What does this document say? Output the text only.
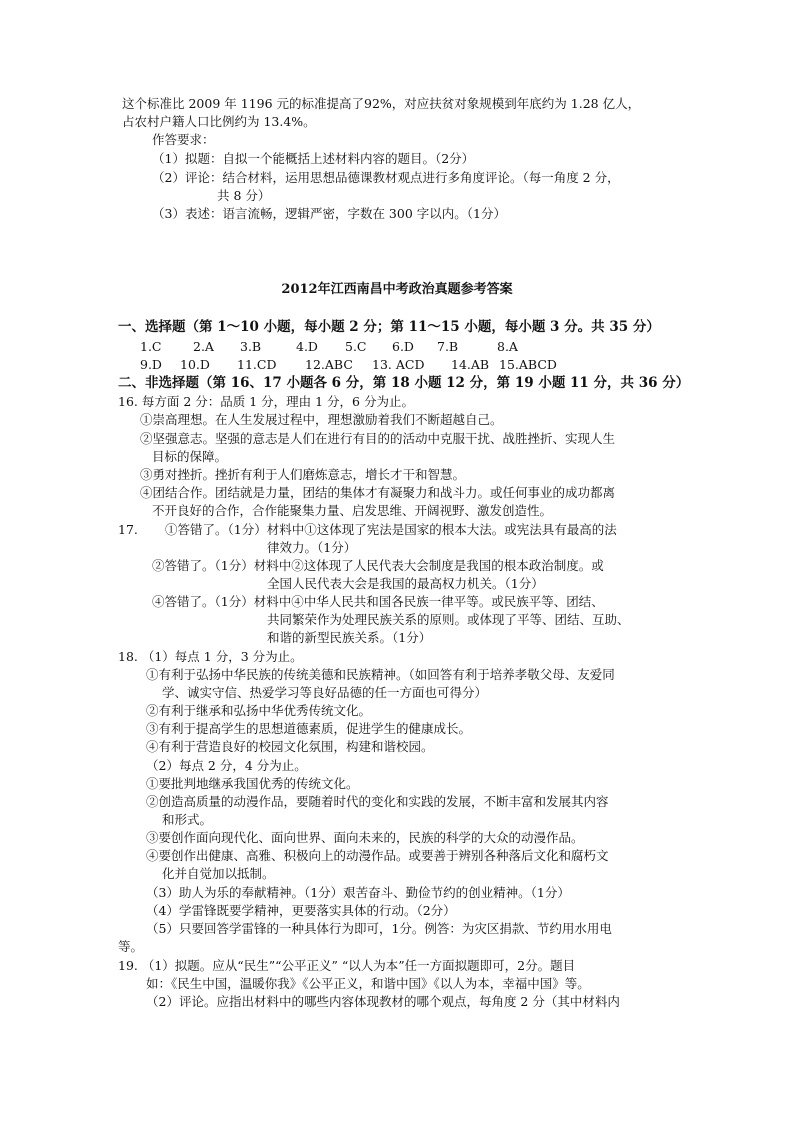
这个标准比 2009 年 1196 元的标准提高了92%，对应扶贫对象规模到年底约为 1.28 亿人，
占农村户籍人口比例约为 13.4%。
作答要求：
（1）拟题：自拟一个能概括上述材料内容的题目。（2分）
（2）评论：结合材料，运用思想品德课教材观点进行多角度评论。（每一角度 2 分，
共 8 分）
（3）表述：语言流畅，逻辑严密，字数在 300 字以内。（1分）
2012年江西南昌中考政治真题参考答案
一、选择题（第 1～10 小题，每小题 2 分；第 11～15 小题，每小题 3 分。共 35 分）
1.C	2.A 3.B	4.D 5.C 6.D 7.B	8.A
9.D 10.D 11.CD 12.ABC 13. ACD 14.AB 15.ABCD
二、非选择题（第 16、17 小题各 6 分，第 18 小题 12 分，第 19 小题 11 分，共 36 分）
16. 每方面 2 分：品质 1 分，理由 1 分，6 分为止。
①崇高理想。在人生发展过程中，理想激励着我们不断超越自己。
②坚强意志。坚强的意志是人们在进行有目的的活动中克服干扰、战胜挫折、实现人生
目标的保障。
③勇对挫折。挫折有利于人们磨炼意志，增长才干和智慧。
④团结合作。团结就是力量，团结的集体才有凝聚力和战斗力。或任何事业的成功都离
不开良好的合作，合作能聚集力量、启发思维、开阔视野、激发创造性。
17. ①答错了。（1分）材料中①这体现了宪法是国家的根本大法。或宪法具有最高的法
律效力。（1分）
②答错了。（1分）材料中②这体现了人民代表大会制度是我国的根本政治制度。或
全国人民代表大会是我国的最高权力机关。（1分）
④答错了。（1分）材料中④中华人民共和国各民族一律平等。或民族平等、团结、
共同繁荣作为处理民族关系的原则。或体现了平等、团结、互助、
和谐的新型民族关系。（1分）
18. （1）每点 1 分，3 分为止。
①有利于弘扬中华民族的传统美德和民族精神。（如回答有利于培养孝敬父母、友爱同
学、诚实守信、热爱学习等良好品德的任一方面也可得分）
②有利于继承和弘扬中华优秀传统文化。
③有利于提高学生的思想道德素质，促进学生的健康成长。
④有利于营造良好的校园文化氛围，构建和谐校园。
（2）每点 2 分，4 分为止。
①要批判地继承我国优秀的传统文化。
②创造高质量的动漫作品，要随着时代的变化和实践的发展，不断丰富和发展其内容
和形式。
③要创作面向现代化、面向世界、面向未来的，民族的科学的大众的动漫作品。
④要创作出健康、高雅、积极向上的动漫作品。或要善于辨别各种落后文化和腐朽文
化并自觉加以抵制。
（3）助人为乐的奉献精神。（1分）艰苦奋斗、勤俭节约的创业精神。（1分）
（4）学雷锋既要学精神，更要落实具体的行动。（2分）
（5）只要回答学雷锋的一种具体行为即可，1分。例答：为灾区捐款、节约用水用电
等。
19. （1）拟题。应从“民生”“公平正义” “以人为本”任一方面拟题即可，2分。题目
如：《民生中国，温暖你我》《公平正义，和谐中国》《以人为本，幸福中国》等。
（2）评论。应指出材料中的哪些内容体现教材的哪个观点，每角度 2 分（其中材料内
